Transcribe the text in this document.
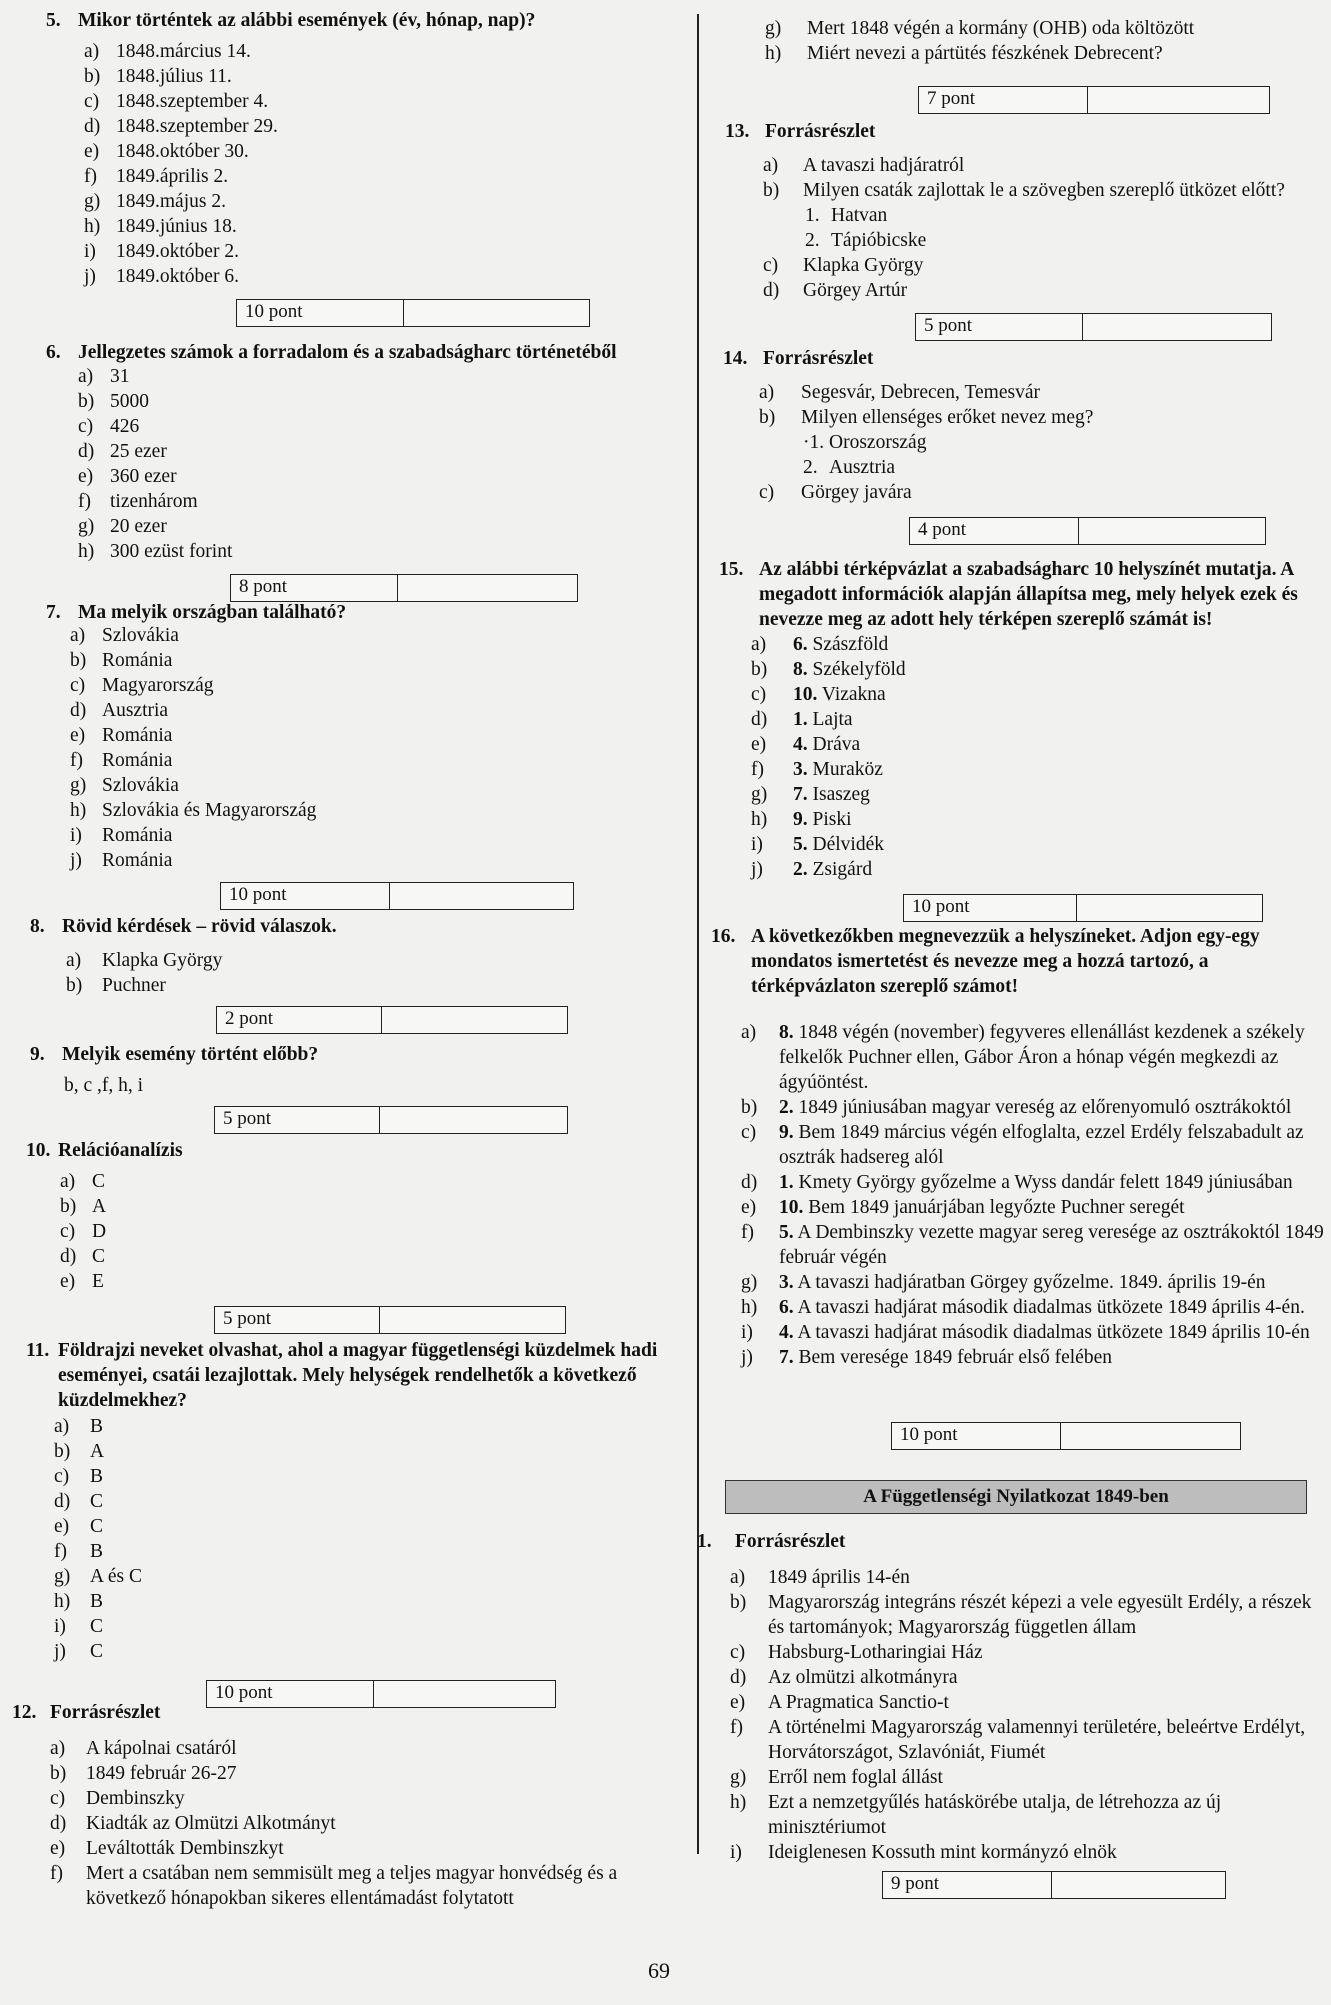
5. Mikor történtek az alábbi események (év, hónap, nap)?
a) 1848.március 14.
b) 1848.július 11.
c) 1848.szeptember 4.
d) 1848.szeptember 29.
e) 1848.október 30.
f) 1849.április 2.
g) 1849.május 2.
h) 1849.június 18.
i) 1849.október 2.
j) 1849.október 6.
10 pont
6. Jellegzetes számok a forradalom és a szabadságharc történetéből
a) 31
b) 5000
c) 426
d) 25 ezer
e) 360 ezer
f) tizenhárom
g) 20 ezer
h) 300 ezüst forint
8 pont
7. Ma melyik országban található?
a) Szlovákia
b) Románia
c) Magyarország
d) Ausztria
e) Románia
f) Románia
g) Szlovákia
h) Szlovákia és Magyarország
i) Románia
j) Románia
10 pont
8. Rövid kérdések – rövid válaszok.
a) Klapka György
b) Puchner
2 pont
9. Melyik esemény történt előbb?
b, c ,f, h, i
5 pont
10. Relációanalízis
a) C
b) A
c) D
d) C
e) E
5 pont
11. Földrajzi neveket olvashat, ahol a magyar függetlenségi küzdelmek hadi eseményei, csatái lezajlottak. Mely helységek rendelhetők a következő küzdelmekhez?
a) B
b) A
c) B
d) C
e) C
f) B
g) A és C
h) B
i) C
j) C
10 pont
12. Forrásrészlet
a) A kápolnai csatáról
b) 1849 február 26-27
c) Dembinszky
d) Kiadták az Olmützi Alkotmányt
e) Leváltották Dembinszkyt
f) Mert a csatában nem semmisült meg a teljes magyar honvédség és a következő hónapokban sikeres ellentámadást folytatott
g) Mert 1848 végén a kormány (OHB) oda költözött
h) Miért nevezi a pártütés fészkének Debrecent?
7 pont
13. Forrásrészlet
a) A tavaszi hadjáratról
b) Milyen csaták zajlottak le a szövegben szereplő ütközet előtt?
1. Hatvan
2. Tápióbicske
c) Klapka György
d) Görgey Artúr
5 pont
14. Forrásrészlet
a) Segesvár, Debrecen, Temesvár
b) Milyen ellenséges erőket nevez meg?
·1. Oroszország
2. Ausztria
c) Görgey javára
4 pont
15. Az alábbi térképvázlat a szabadságharc 10 helyszínét mutatja. A megadott információk alapján állapítsa meg, mely helyek ezek és nevezze meg az adott hely térképen szereplő számát is!
a) 6. Szászföld
b) 8. Székelyföld
c) 10. Vizakna
d) 1. Lajta
e) 4. Dráva
f) 3. Muraköz
g) 7. Isaszeg
h) 9. Piski
i) 5. Délvidék
j) 2. Zsigárd
10 pont
16. A következőkben megnevezzük a helyszíneket. Adjon egy-egy mondatos ismertetést és nevezze meg a hozzá tartozó, a térképvázlaton szereplő számot!
a) 8. 1848 végén (november) fegyveres ellenállást kezdenek a székely felkelők Puchner ellen, Gábor Áron a hónap végén megkezdi az ágyúöntést.
b) 2. 1849 júniusában magyar vereség az előrenyomuló osztrákoktól
c) 9. Bem 1849 március végén elfoglalta, ezzel Erdély felszabadult az osztrák hadsereg alól
d) 1. Kmety György győzelme a Wyss dandár felett 1849 júniusában
e) 10. Bem 1849 januárjában legyőzte Puchner seregét
f) 5. A Dembinszky vezette magyar sereg veresége az osztrákoktól 1849 február végén
g) 3. A tavaszi hadjáratban Görgey győzelme. 1849. április 19-én
h) 6. A tavaszi hadjárat második diadalmas ütközete 1849 április 4-én.
i) 4. A tavaszi hadjárat második diadalmas ütközete 1849 április 10-én
j) 7. Bem veresége 1849 február első felében
10 pont
A Függetlenségi Nyilatkozat 1849-ben
1. Forrásrészlet
a) 1849 április 14-én
b) Magyarország integráns részét képezi a vele egyesült Erdély, a részek és tartományok; Magyarország független állam
c) Habsburg-Lotharingiai Ház
d) Az olmützi alkotmányra
e) A Pragmatica Sanctio-t
f) A történelmi Magyarország valamennyi területére, beleértve Erdélyt, Horvátországot, Szlavóniát, Fiumét
g) Erről nem foglal állást
h) Ezt a nemzetgyűlés hatáskörébe utalja, de létrehozza az új minisztériumot
i) Ideiglenesen Kossuth mint kormányzó elnök
9 pont
69
